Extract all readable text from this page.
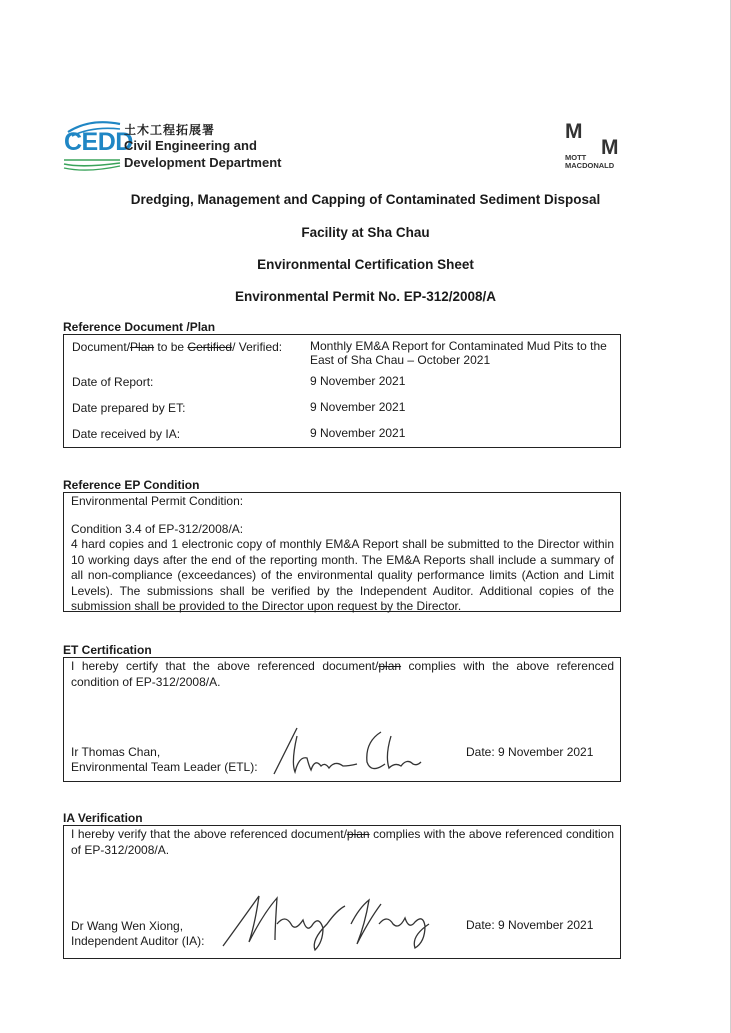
CEDD
土木工程拓展署
Civil Engineering and
Development Department
M
M
MOTT
MACDONALD
Dredging, Management and Capping of Contaminated Sediment Disposal
Facility at Sha Chau
Environmental Certification Sheet
Environmental Permit No. EP-312/2008/A
Reference Document /Plan
Document/Plan to be Certified/ Verified: Monthly EM&A Report for Contaminated Mud Pits to the
East of Sha Chau – October 2021
Date of Report:	9 November 2021
Date prepared by ET:	9 November 2021
Date received by IA:	9 November 2021
Reference EP Condition
Environmental Permit Condition:
Condition 3.4 of EP-312/2008/A:
4 hard copies and 1 electronic copy of monthly EM&A Report shall be submitted to the Director within 10 working days after the end of the reporting month. The EM&A Reports shall include a summary of all non-compliance (exceedances) of the environmental quality performance limits (Action and Limit Levels). The submissions shall be verified by the Independent Auditor. Additional copies of the submission shall be provided to the Director upon request by the Director.
ET Certification
I hereby certify that the above referenced document/plan complies with the above referenced condition of EP-312/2008/A.
Ir Thomas Chan,
Environmental Team Leader (ETL):
Date: 9 November 2021
IA Verification
I hereby verify that the above referenced document/plan complies with the above referenced condition of EP-312/2008/A.
Dr Wang Wen Xiong,
Independent Auditor (IA):
Date: 9 November 2021
